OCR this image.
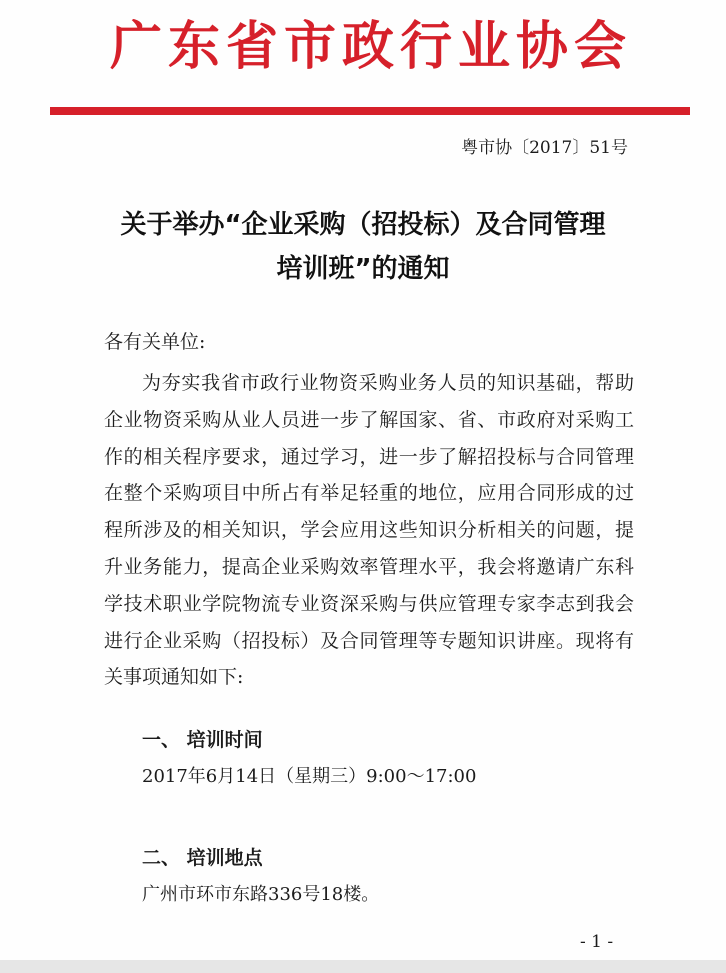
广东省市政行业协会
粤市协〔2017〕51号
关于举办“企业采购（招投标）及合同管理
培训班”的通知
各有关单位:
为夯实我省市政行业物资采购业务人员的知识基础，帮助企业物资采购从业人员进一步了解国家、省、市政府对采购工作的相关程序要求，通过学习，进一步了解招投标与合同管理在整个采购项目中所占有举足轻重的地位，应用合同形成的过程所涉及的相关知识，学会应用这些知识分析相关的问题，提升业务能力，提高企业采购效率管理水平，我会将邀请广东科学技术职业学院物流专业资深采购与供应管理专家李志到我会进行企业采购（招投标）及合同管理等专题知识讲座。现将有关事项通知如下:
一、 培训时间
2017年6月14日（星期三）9:00～17:00
二、 培训地点
广州市环市东路336号18楼。
- 1 -
